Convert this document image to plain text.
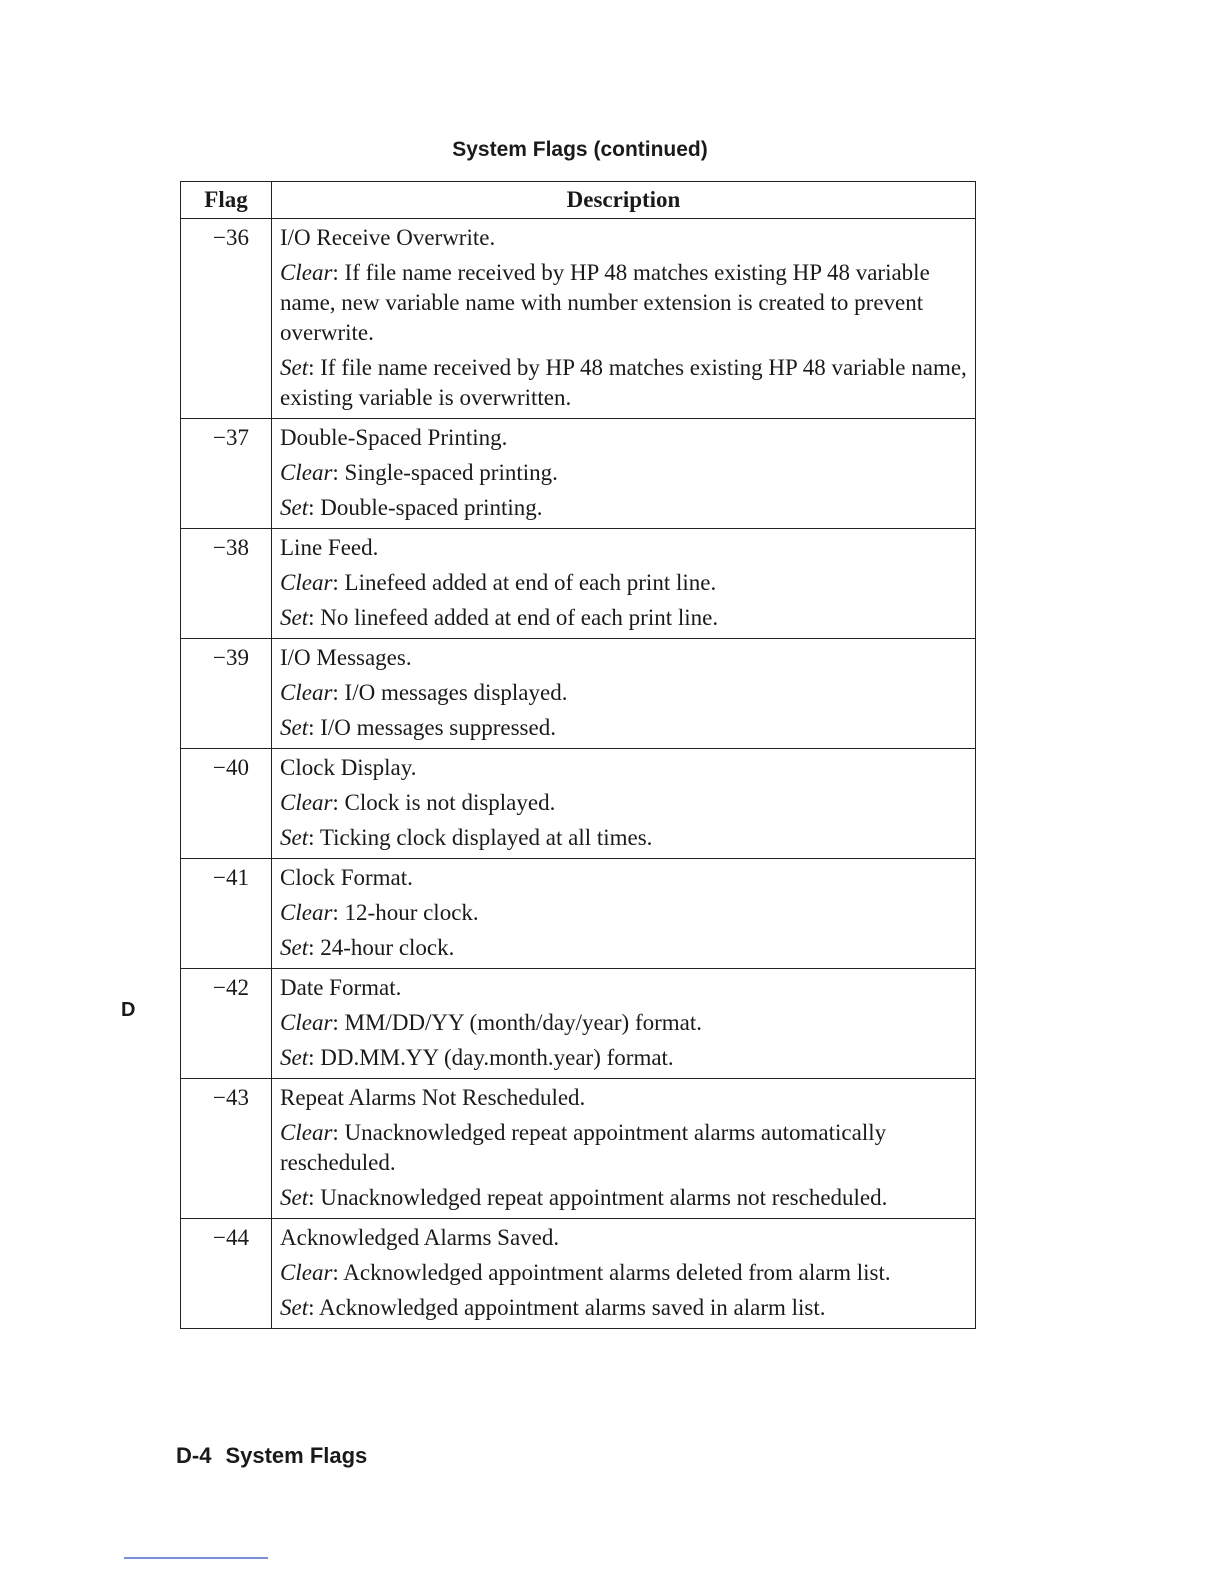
System Flags (continued)
Flag	Description
−36	I/O Receive Overwrite.

Clear: If file name received by HP 48 matches existing HP 48 variable name, new variable name with number extension is created to prevent overwrite.

Set: If file name received by HP 48 matches existing HP 48 variable name, existing variable is overwritten.

−37	Double-Spaced Printing.

Clear: Single-spaced printing.

Set: Double-spaced printing.

−38	Line Feed.

Clear: Linefeed added at end of each print line.

Set: No linefeed added at end of each print line.

−39	I/O Messages.

Clear: I/O messages displayed.

Set: I/O messages suppressed.

−40	Clock Display.

Clear: Clock is not displayed.

Set: Ticking clock displayed at all times.

−41	Clock Format.

Clear: 12-hour clock.

Set: 24-hour clock.

−42	Date Format.

Clear: MM/DD/YY (month/day/year) format.

Set: DD.MM.YY (day.month.year) format.

−43	Repeat Alarms Not Rescheduled.

Clear: Unacknowledged repeat appointment alarms automatically rescheduled.

Set: Unacknowledged repeat appointment alarms not rescheduled.

−44	Acknowledged Alarms Saved.

Clear: Acknowledged appointment alarms deleted from alarm list.

Set: Acknowledged appointment alarms saved in alarm list.

D
D-4 System Flags
